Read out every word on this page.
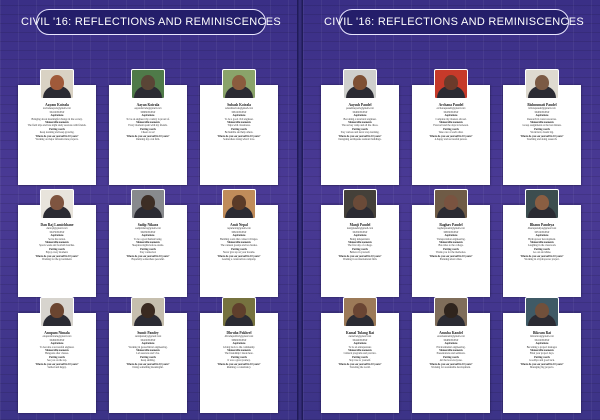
CIVIL '16: REFLECTIONS AND REMINISCENCES
Aayam Koirala
koiralaaayam@gmail.com
9841XXXXXX
Aspirations
Bringing about meaningful change in the society.
Memorable moments
The field trips and late night study sessions with friends.
Parting words
Keep learning and keep growing.
Where do you see yourself in 10 years?
Working on major infrastructure projects.
Aayan Koirala
aayankoirala@gmail.com
9808XXXXXX
Aspirations
To be an engineer my country is proud of.
Memorable moments
Every moment spent with my friends.
Parting words
Cheers to us!
Where do you see yourself in 10 years?
Running my own firm.
Subash Koirala
subashkoirala@gmail.com
9861XXXXXX
Aspirations
To be a good civil engineer.
Memorable moments
Trips with classmates.
Parting words
Be humble and help others.
Where do you see yourself in 10 years?
Somewhere doing what I love.
Dan Raj Lamichhane
danrajl@gmail.com
9847XXXXXX
Aspirations
Serve the nation.
Memorable moments
Sports week and football matches.
Parting words
Enjoy every moment.
Where do you see yourself in 10 years?
Working for the government.
Sadip Nikara
sadipnikara@gmail.com
9818XXXXXX
Aspirations
To be a good human being.
Memorable moments
Sleepless nights before exams.
Parting words
Stay connected.
Where do you see yourself in 10 years?
Hopefully somewhere peaceful.
Amit Nepal
nepalamit@gmail.com
9862XXXXXX
Aspirations
Building roads that connect villages.
Memorable moments
The canteen gossips and tea breaks.
Parting words
Never give up on your dreams.
Where do you see yourself in 10 years?
Leading a construction company.
Anupam Nimala
anupamnimala@gmail.com
9849XXXXXX
Aspirations
To become a successful engineer.
Memorable moments
Hangouts after classes.
Parting words
See you on the top.
Where do you see yourself in 10 years?
Settled and happy.
Sumit Pandey
sumitpandey@gmail.com
9842XXXXXX
Aspirations
Working in geotechnical engineering.
Memorable moments
Lab sessions and viva.
Parting words
Keep smiling.
Where do you see yourself in 10 years?
Doing something meaningful.
Dhruba Pokhrel
dhrubapokhrel@gmail.com
9866XXXXXX
Aspirations
Giving back to the community.
Memorable moments
The friendship I made here.
Parting words
It was a great journey.
Where do you see yourself in 10 years?
Running a consultancy.
CIVIL '16: REFLECTIONS AND REMINISCENCES
Aayush Paudel
paudelaayush@gmail.com
9846XXXXXX
Aspirations
Becoming a structural engineer.
Memorable moments
The survey camp and all the chaos.
Parting words
Stay curious and never stop learning.
Where do you see yourself in 10 years?
Designing earthquake resistant buildings.
Archana Paudel
archanapaudel@gmail.com
9843XXXXXX
Aspirations
Complete my masters abroad.
Memorable moments
Farewell and the days in between.
Parting words
Take care of each other.
Where do you see yourself in 10 years?
A happy and successful person.
Bishnumati Paudel
bishnupaudel@gmail.com
9840XXXXXX
Aspirations
Research in water resources.
Memorable moments
Group assignments at the last minute.
Parting words
Work hard, dream big.
Where do you see yourself in 10 years?
Teaching and doing research.
Manji Paudel
manjipaudel@gmail.com
9845XXXXXX
Aspirations
Being independent.
Memorable moments
The first day of college.
Parting words
Believe in yourself.
Where do you see yourself in 10 years?
Working in an international firm.
Raghav Paudel
raghavpaudel@gmail.com
9865XXXXXX
Aspirations
Transportation engineering.
Memorable moments
Bus rides to the college.
Parting words
Thank you for the memories.
Where do you see yourself in 10 years?
Planning smart cities.
Bhanu Pandeya
bhanupandeya@gmail.com
9851XXXXXX
Aspirations
Hydropower development.
Memorable moments
Laughing in the classroom.
Parting words
Go out and shine.
Where do you see yourself in 10 years?
Working in a hydropower project.
Kamal Tulang Rai
kamalrai@gmail.com
9844XXXXXX
Aspirations
To be an entrepreneur.
Memorable moments
Cultural programs and practice.
Parting words
Stay true to yourself.
Where do you see yourself in 10 years?
Traveling the world.
Anusha Kandel
anushakandel@gmail.com
9848XXXXXX
Aspirations
Environmental engineering.
Memorable moments
Presentations and seminars.
Parting words
All the best everyone.
Where do you see yourself in 10 years?
Working for sustainable development.
Bikram Rai
bikramrai@gmail.com
9841XXXXXX
Aspirations
Becoming a project manager.
Memorable moments
Final year project days.
Parting words
Goodbye and good luck.
Where do you see yourself in 10 years?
Managing big projects.
